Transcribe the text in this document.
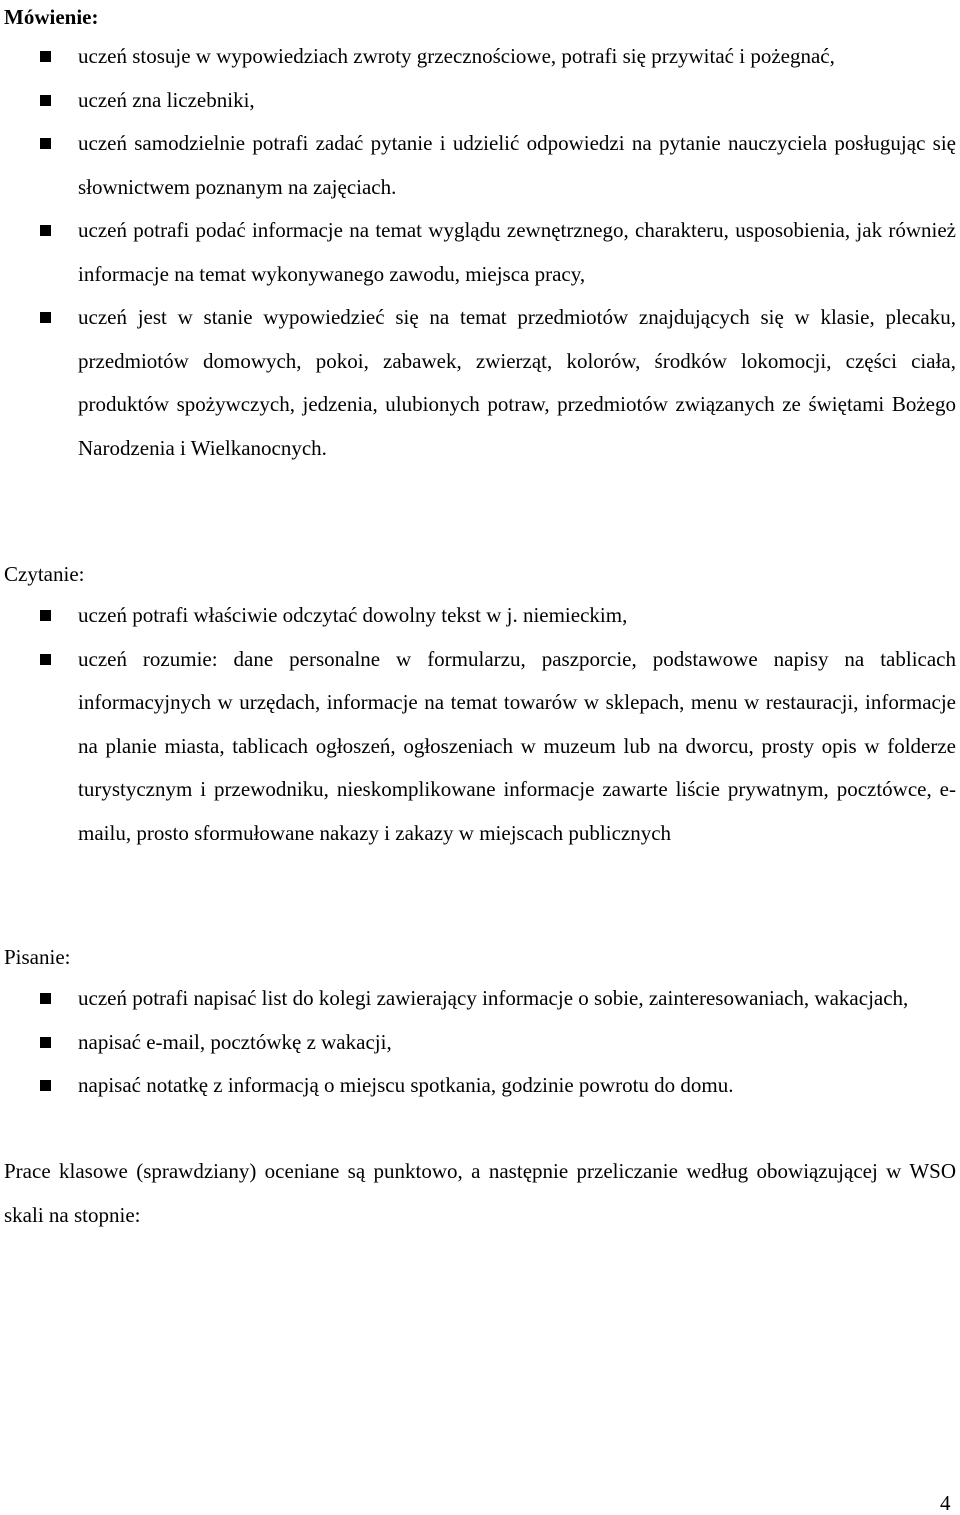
Mówienie:
uczeń stosuje w wypowiedziach zwroty grzecznościowe, potrafi się przywitać i pożegnać,
uczeń zna liczebniki,
uczeń samodzielnie potrafi zadać pytanie i udzielić odpowiedzi na pytanie nauczyciela posługując się słownictwem poznanym na zajęciach.
uczeń potrafi podać informacje na temat wyglądu zewnętrznego, charakteru, usposobienia, jak również informacje na temat wykonywanego zawodu, miejsca pracy,
uczeń jest w stanie wypowiedzieć się na temat przedmiotów znajdujących się w klasie, plecaku, przedmiotów domowych, pokoi, zabawek, zwierząt, kolorów, środków lokomocji, części ciała, produktów spożywczych, jedzenia, ulubionych potraw, przedmiotów związanych ze świętami Bożego Narodzenia i Wielkanocnych.
Czytanie:
uczeń potrafi właściwie odczytać dowolny tekst w j. niemieckim,
uczeń rozumie: dane personalne w formularzu, paszporcie, podstawowe napisy na tablicach informacyjnych w urzędach, informacje na temat towarów w sklepach, menu w restauracji, informacje na planie miasta, tablicach ogłoszeń, ogłoszeniach w muzeum lub na dworcu, prosty opis w folderze turystycznym i przewodniku, nieskomplikowane informacje zawarte liście prywatnym, pocztówce, e-mailu, prosto sformułowane nakazy i zakazy w miejscach publicznych
Pisanie:
uczeń potrafi napisać list do kolegi zawierający informacje o sobie, zainteresowaniach, wakacjach,
napisać e-mail, pocztówkę z wakacji,
napisać notatkę z informacją o miejscu spotkania, godzinie powrotu do domu.

Prace klasowe (sprawdziany) oceniane są punktowo, a następnie przeliczanie według obowiązującej w WSO skali na stopnie:

4
